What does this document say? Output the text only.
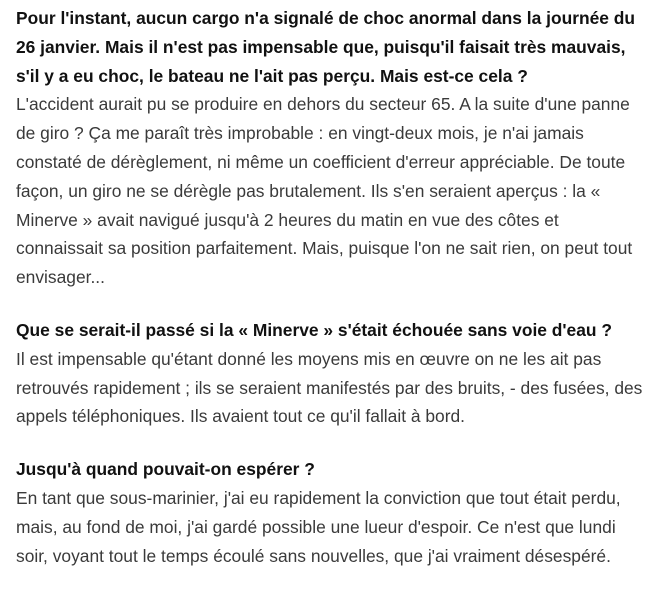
Pour l'instant, aucun cargo n'a signalé de choc anormal dans la journée du 26 janvier. Mais il n'est pas impensable que, puisqu'il faisait très mauvais, s'il y a eu choc, le bateau ne l'ait pas perçu. Mais est-ce cela ?

L'accident aurait pu se produire en dehors du secteur 65. A la suite d'une panne de giro ? Ça me paraît très improbable : en vingt-deux mois, je n'ai jamais constaté de dérèglement, ni même un coefficient d'erreur appréciable. De toute façon, un giro ne se dérègle pas brutalement. Ils s'en seraient aperçus : la « Minerve » avait navigué jusqu'à 2 heures du matin en vue des côtes et connaissait sa position parfaitement. Mais, puisque l'on ne sait rien, on peut tout envisager...

Que se serait-il passé si la « Minerve » s'était échouée sans voie d'eau ?

Il est impensable qu'étant donné les moyens mis en œuvre on ne les ait pas retrouvés rapidement ; ils se seraient manifestés par des bruits, - des fusées, des appels téléphoniques. Ils avaient tout ce qu'il fallait à bord.

Jusqu'à quand pouvait-on espérer ?

En tant que sous-marinier, j'ai eu rapidement la conviction que tout était perdu, mais, au fond de moi, j'ai gardé possible une lueur d'espoir. Ce n'est que lundi soir, voyant tout le temps écoulé sans nouvelles, que j'ai vraiment désespéré.
